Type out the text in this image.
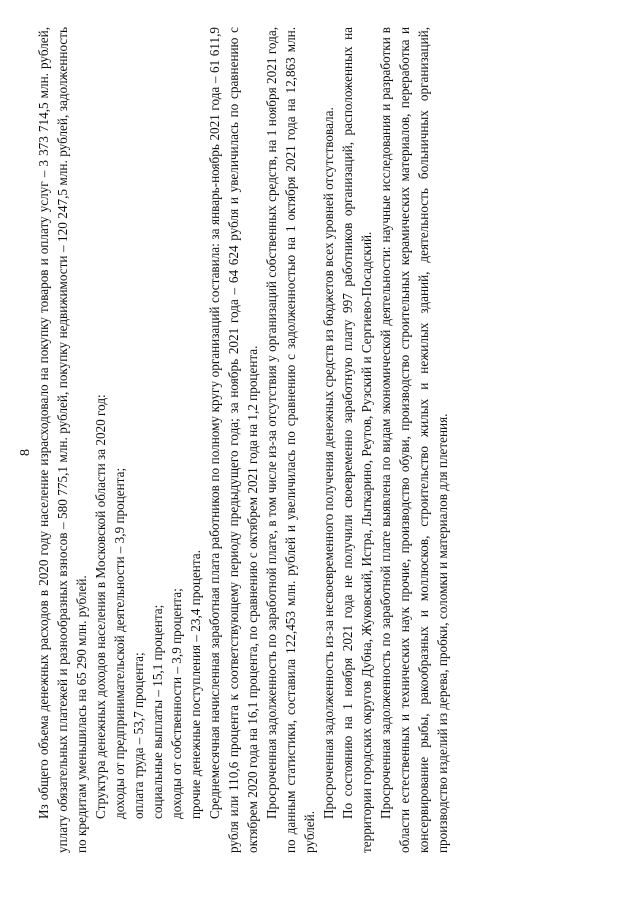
8 Из общего объема денежных расходов в 2020 году население израсходовало на покупку товаров и оплату услуг – 3 373 714,5 млн. рублей, уплату обязательных платежей и разнообразных взносов – 580 775,1 млн. рублей, покупку недвижимости – 120 247,5 млн. рублей, задолженность по кредитам уменьшилась на 65 290 млн. рублей. Структура денежных доходов населения в Московской области за 2020 год: доходы от предпринимательской деятельности – 3,9 процента; оплата труда – 53,7 процента; социальные выплаты – 15,1 процента; доходы от собственности – 3,9 процента; прочие денежные поступления – 23,4 процента. Среднемесячная начисленная заработная плата работников по полному кругу организаций составила: за январь-ноябрь 2021 года – 61 611,9 рубля или 110,6 процента к соответствующему периоду предыдущего года; за ноябрь 2021 года – 64 624 рубля и увеличилась по сравнению с октябрем 2020 года на 16,1 процента, по сравнению с октябрем 2021 года на 1,2 процента. Просроченная задолженность по заработной плате, в том числе из-за отсутствия у организаций собственных средств, на 1 ноября 2021 года, по данным статистики, составила 122,453 млн. рублей и увеличилась по сравнению с задолженностью на 1 октября 2021 года на 12,863 млн. рублей.

Просроченная задолженность из-за несвоевременного получения денежных средств из бюджетов всех уровней отсутствовала. По состоянию на 1 ноября 2021 года не получили своевременно заработную плату 997 работников организаций, расположенных на территории городских округов Дубна, Жуковский, Истра, Лыткарино, Реутов, Рузский и Сергиево-Посадский. Просроченная задолженность по заработной плате выявлена по видам экономической деятельности: научные исследования и разработки в области естественных и технических наук прочие, производство обуви, производство строительных керамических материалов, переработка и консервирование рыбы, ракообразных и моллюсков, строительство жилых и нежилых зданий, деятельность больничных организаций, производство изделий из дерева, пробки, соломки и материалов для плетения.
